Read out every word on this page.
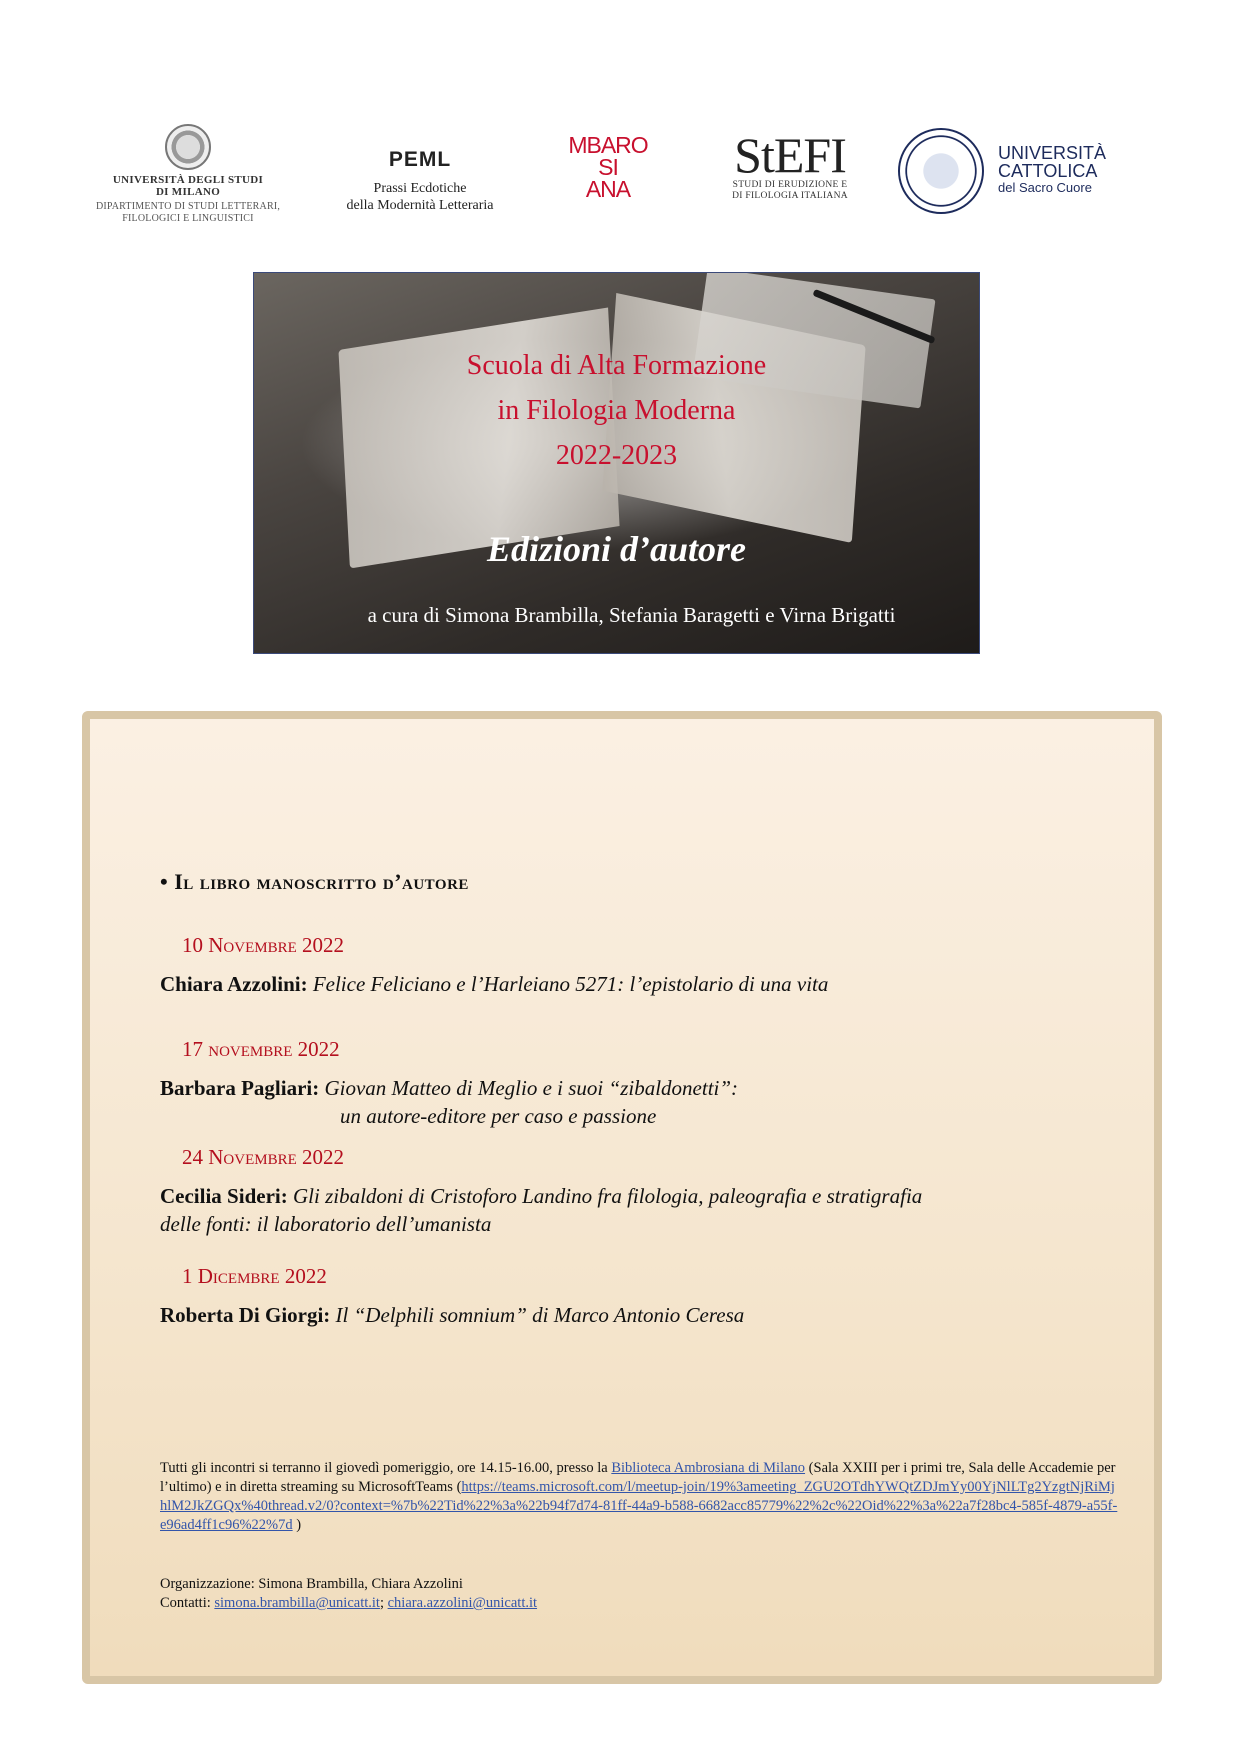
UNIVERSITÀ DEGLI STUDI
DI MILANO
DIPARTIMENTO DI STUDI LETTERARI,
FILOLOGICI E LINGUISTICI
PEML
Prassi Ecdotiche
della Modernità Letteraria
MBARO
SI
ANA
StEFI
STUDI DI ERUDIZIONE E
DI FILOLOGIA ITALIANA
UNIVERSITÀ
CATTOLICA
del Sacro Cuore
Scuola di Alta Formazione
in Filologia Moderna
2022-2023
Edizioni d’autore
a cura di Simona Brambilla, Stefania Baragetti e Virna Brigatti
• Il libro manoscritto d’autore
10 Novembre 2022
Chiara Azzolini: Felice Feliciano e l’Harleiano 5271: l’epistolario di una vita
17 novembre 2022
Barbara Pagliari: Giovan Matteo di Meglio e i suoi “zibaldonetti”:
un autore-editore per caso e passione
24 Novembre 2022
Cecilia Sideri: Gli zibaldoni di Cristoforo Landino fra filologia, paleografia e stratigrafia
delle fonti: il laboratorio dell’umanista
1 Dicembre 2022
Roberta Di Giorgi: Il “Delphili somnium” di Marco Antonio Ceresa
Tutti gli incontri si terranno il giovedì pomeriggio, ore 14.15-16.00, presso la Biblioteca Ambrosiana di Milano (Sala XXIII per i primi tre, Sala delle Accademie per l’ultimo) e in diretta streaming su MicrosoftTeams (https://teams.microsoft.com/l/meetup-join/19%3ameeting_ZGU2OTdhYWQtZDJmYy00YjNlLTg2YzgtNjRiMjhlM2JkZGQx%40thread.v2/0?context=%7b%22Tid%22%3a%22b94f7d74-81ff-44a9-b588-6682acc85779%22%2c%22Oid%22%3a%22a7f28bc4-585f-4879-a55f-e96ad4ff1c96%22%7d )
Organizzazione: Simona Brambilla, Chiara Azzolini
Contatti: simona.brambilla@unicatt.it; chiara.azzolini@unicatt.it
